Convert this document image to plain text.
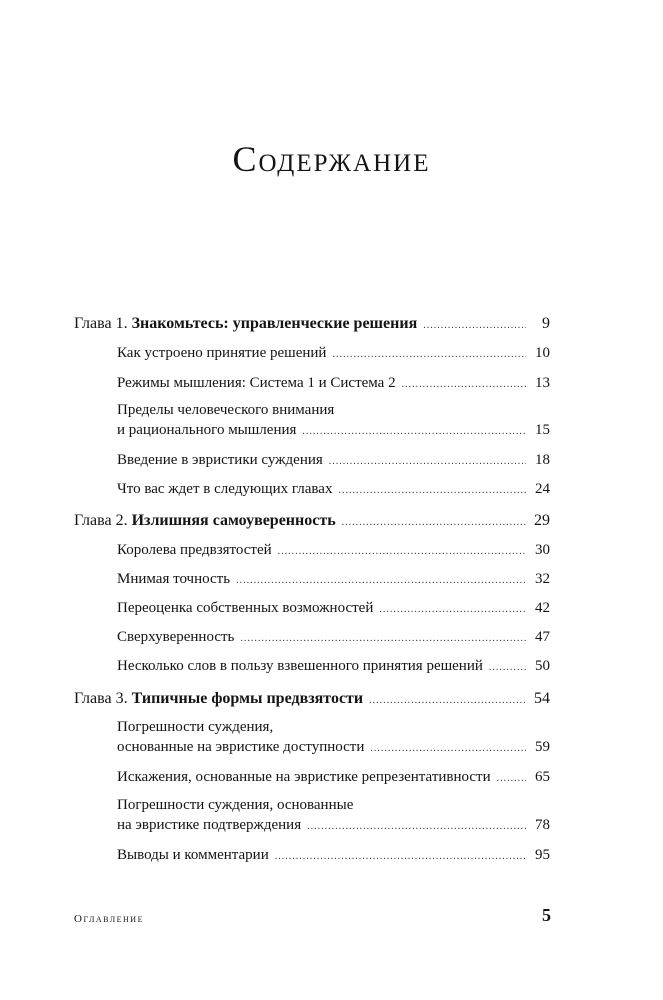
Содержание
Глава 1. Знакомьтесь: управленческие решения .....	9
Как устроено принятие решений .....	10
Режимы мышления: Система 1 и Система 2 .....	13
Пределы человеческого внимания
и рационального мышления .....	15
Введение в эвристики суждения .....	18
Что вас ждет в следующих главах .....	24
Глава 2. Излишняя самоуверенность .....	29
Королева предвзятостей .....	30
Мнимая точность .....	32
Переоценка собственных возможностей .....	42
Сверхуверенность .....	47
Несколько слов в пользу взвешенного принятия решений .....	50
Глава 3. Типичные формы предвзятости .....	54
Погрешности суждения,
основанные на эвристике доступности .....	59
Искажения, основанные на эвристике репрезентативности .....	65
Погрешности суждения, основанные
на эвристике подтверждения .....	78
Выводы и комментарии .....	95
Оглавление	5
